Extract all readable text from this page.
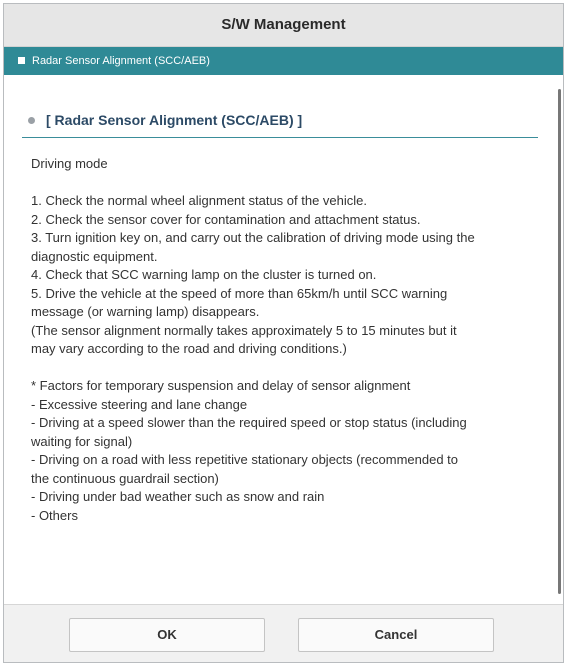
S/W Management
Radar Sensor Alignment (SCC/AEB)
[ Radar Sensor Alignment (SCC/AEB) ]
Driving mode
1. Check the normal wheel alignment status of the vehicle.
2. Check the sensor cover for contamination and attachment status.
3. Turn ignition key on, and carry out the calibration of driving mode using the
diagnostic equipment.
4. Check that SCC warning lamp on the cluster is turned on.
5. Drive the vehicle at the speed of more than 65km/h until SCC warning
message (or warning lamp) disappears.
(The sensor alignment normally takes approximately 5 to 15 minutes but it
may vary according to the road and driving conditions.)
* Factors for temporary suspension and delay of sensor alignment
- Excessive steering and lane change
- Driving at a speed slower than the required speed or stop status (including
waiting for signal)
- Driving on a road with less repetitive stationary objects (recommended to
the continuous guardrail section)
- Driving under bad weather such as snow and rain
- Others
OK	Cancel
